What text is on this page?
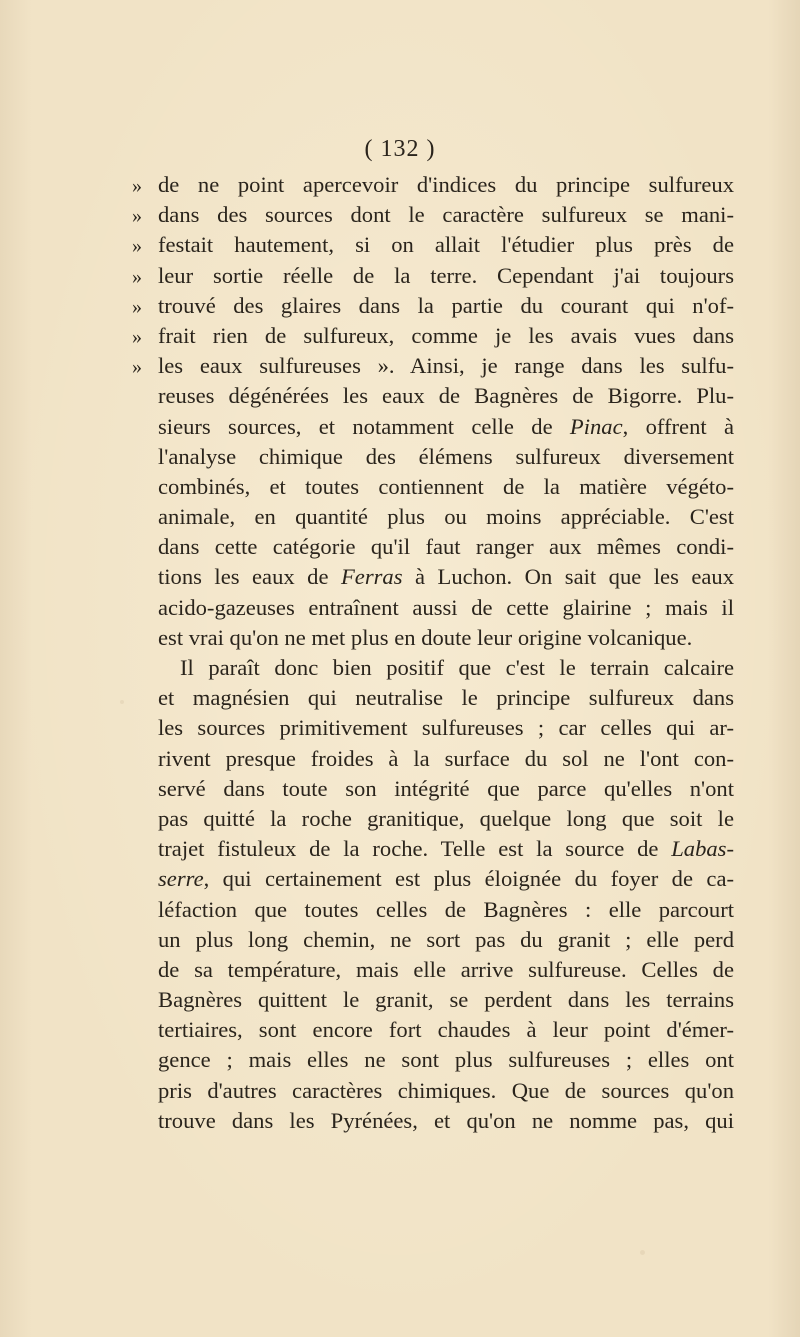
( 132 )
» de ne point apercevoir d'indices du principe sulfureux
» dans des sources dont le caractère sulfureux se mani-
» festait hautement, si on allait l'étudier plus près de
» leur sortie réelle de la terre. Cependant j'ai toujours
» trouvé des glaires dans la partie du courant qui n'of-
» frait rien de sulfureux, comme je les avais vues dans
» les eaux sulfureuses ». Ainsi, je range dans les sulfu-
reuses dégénérées les eaux de Bagnères de Bigorre. Plu-
sieurs sources, et notamment celle de Pinac, offrent à
l'analyse chimique des élémens sulfureux diversement
combinés, et toutes contiennent de la matière végéto-
animale, en quantité plus ou moins appréciable. C'est
dans cette catégorie qu'il faut ranger aux mêmes condi-
tions les eaux de Ferras à Luchon. On sait que les eaux
acido-gazeuses entraînent aussi de cette glairine ; mais il
est vrai qu'on ne met plus en doute leur origine volcanique.
Il paraît donc bien positif que c'est le terrain calcaire
et magnésien qui neutralise le principe sulfureux dans
les sources primitivement sulfureuses ; car celles qui ar-
rivent presque froides à la surface du sol ne l'ont con-
servé dans toute son intégrité que parce qu'elles n'ont
pas quitté la roche granitique, quelque long que soit le
trajet fistuleux de la roche. Telle est la source de Labas-
serre, qui certainement est plus éloignée du foyer de ca-
léfaction que toutes celles de Bagnères : elle parcourt
un plus long chemin, ne sort pas du granit ; elle perd
de sa température, mais elle arrive sulfureuse. Celles de
Bagnères quittent le granit, se perdent dans les terrains
tertiaires, sont encore fort chaudes à leur point d'émer-
gence ; mais elles ne sont plus sulfureuses ; elles ont
pris d'autres caractères chimiques. Que de sources qu'on
trouve dans les Pyrénées, et qu'on ne nomme pas, qui
